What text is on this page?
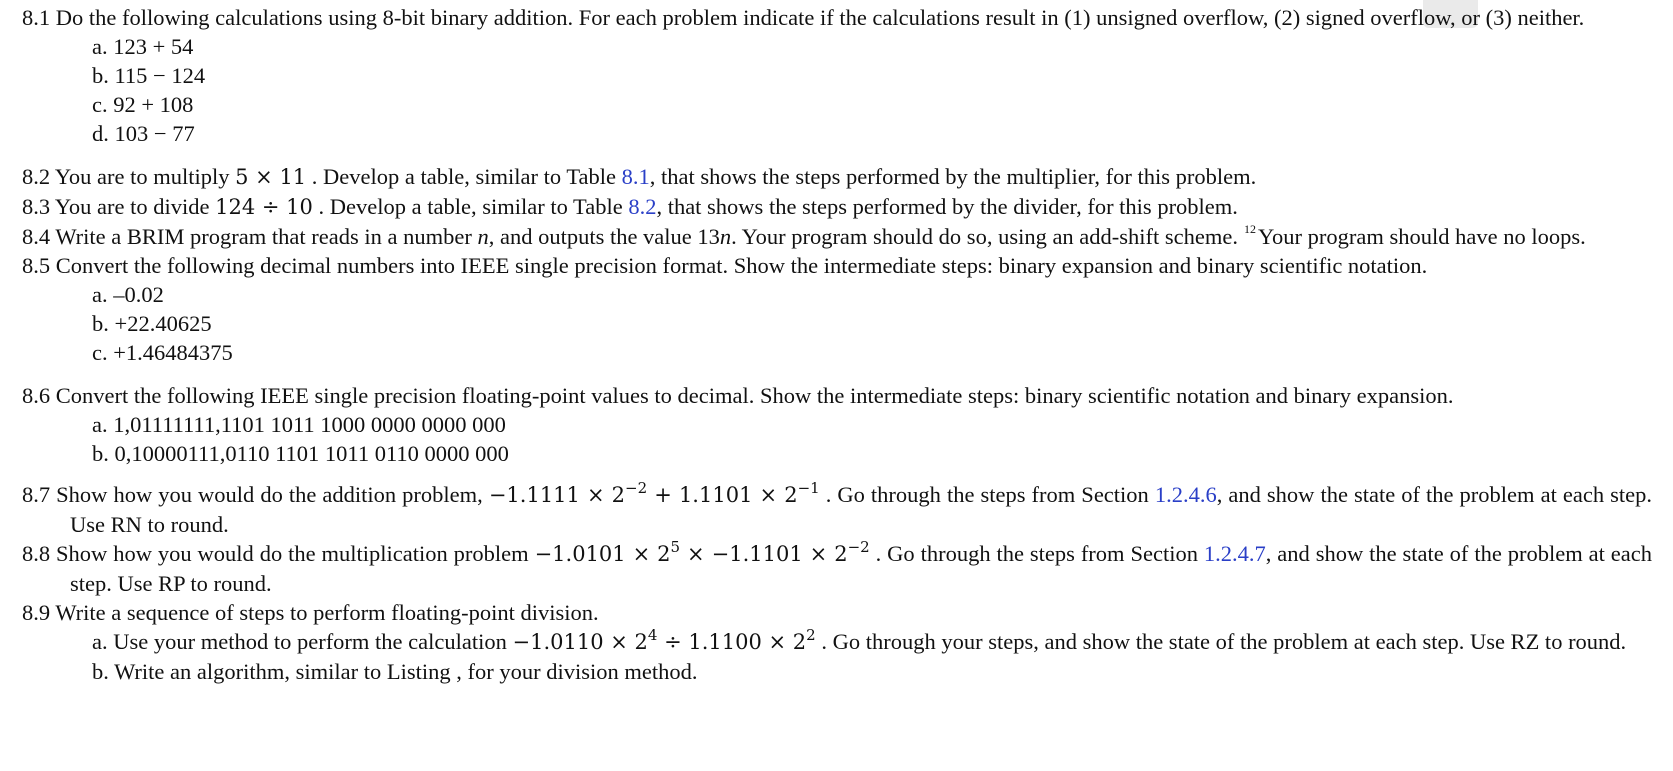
8.1 Do the following calculations using 8-bit binary addition. For each problem indicate if the calculations result in (1) unsigned overflow, (2) signed overflow, or (3) neither.
a. 123 + 54
b. 115 − 124
c. 92 + 108
d. 103 − 77
8.2 You are to multiply 5 × 11 . Develop a table, similar to Table 8.1, that shows the steps performed by the multiplier, for this problem.
8.3 You are to divide 124 ÷ 10 . Develop a table, similar to Table 8.2, that shows the steps performed by the divider, for this problem.
8.4 Write a BRIM program that reads in a number n, and outputs the value 13n. Your program should do so, using an add-shift scheme. $^{12}$Your program should have no loops.
8.5 Convert the following decimal numbers into IEEE single precision format. Show the intermediate steps: binary expansion and binary scientific notation.
a. –0.02
b. +22.40625
c. +1.46484375
8.6 Convert the following IEEE single precision floating-point values to decimal. Show the intermediate steps: binary scientific notation and binary expansion.
a. 1,01111111,1101 1011 1000 0000 0000 000
b. 0,10000111,0110 1101 1011 0110 0000 000
8.7 Show how you would do the addition problem, $-1.1111 \times 2^{-2} + 1.1101 \times 2^{-1}$ . Go through the steps from Section 1.2.4.6, and show the state of the problem at each step. Use RN to round.
8.8 Show how you would do the multiplication problem $-1.0101 \times 2^5 \times -1.1101 \times 2^{-2}$ . Go through the steps from Section 1.2.4.7, and show the state of the problem at each step. Use RP to round.
8.9 Write a sequence of steps to perform floating-point division.
a. Use your method to perform the calculation $-1.0110 \times 2^4 \div 1.1100 \times 2^2$ . Go through your steps, and show the state of the problem at each step. Use RZ to round.
b. Write an algorithm, similar to Listing , for your division method.
